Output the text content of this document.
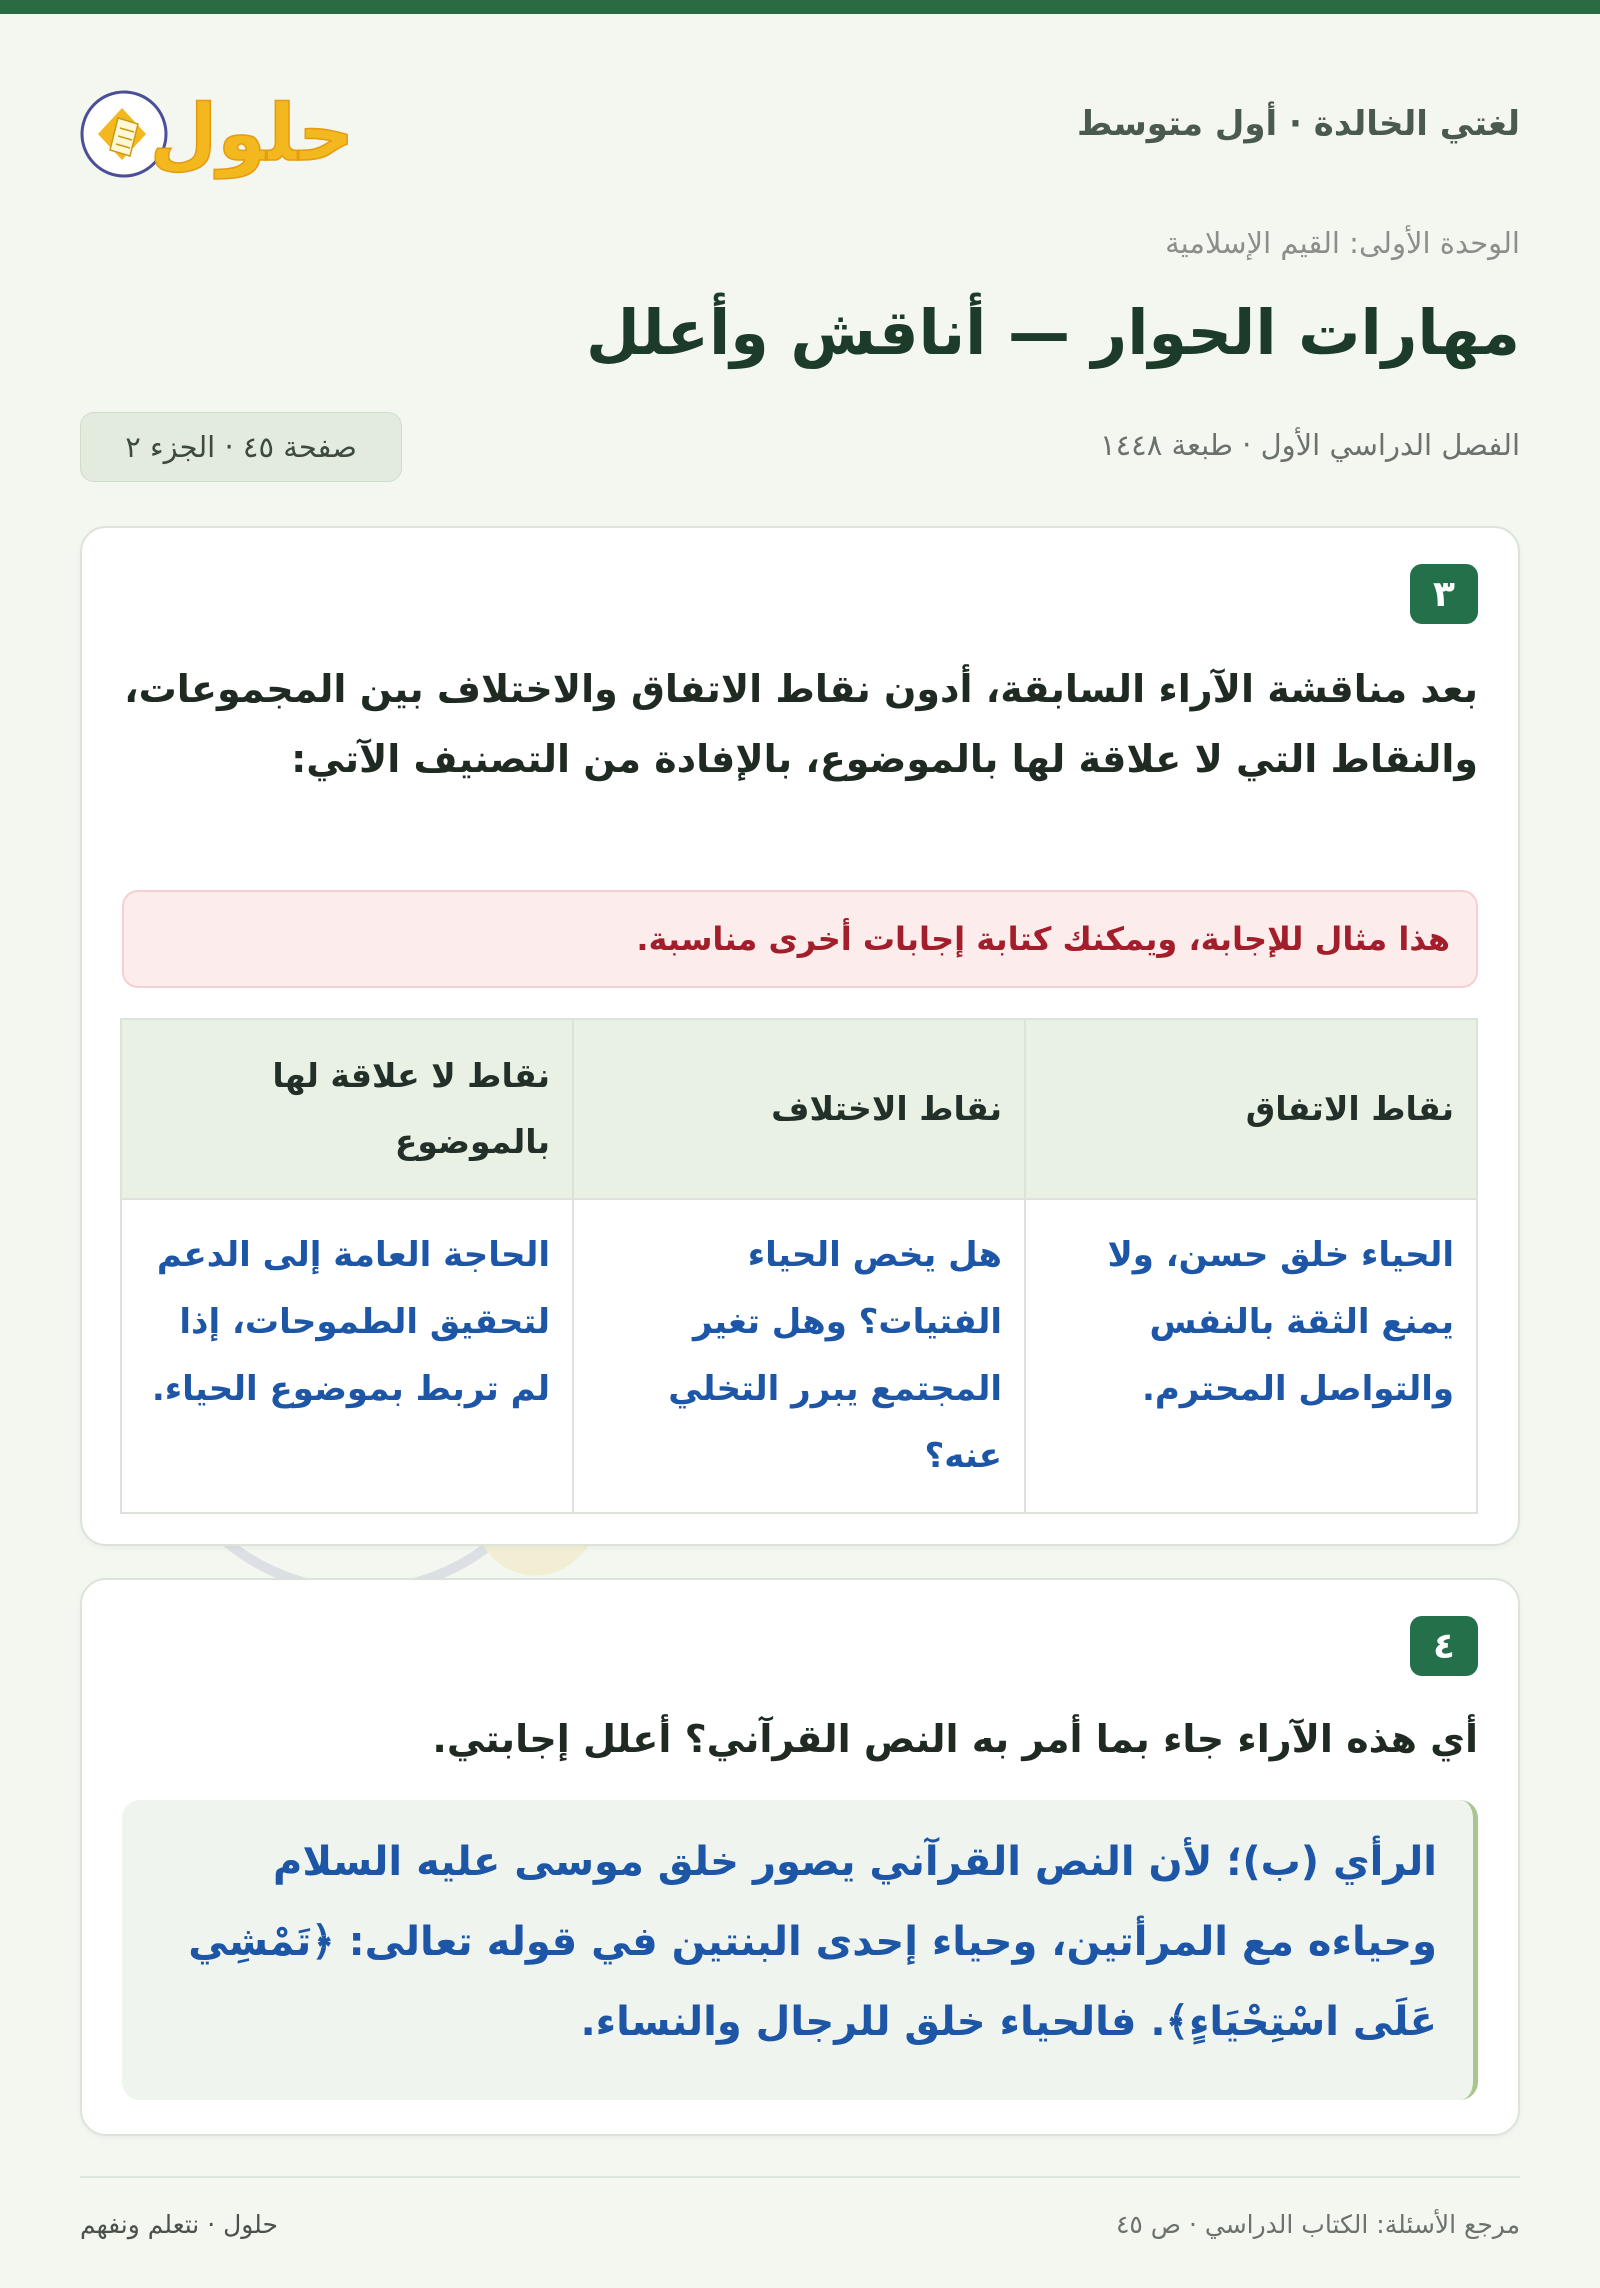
حلول	لغتي الخالدة · أول متوسط
الوحدة الأولى: القيم الإسلامية
مهارات الحوار — أناقش وأعلل
الفصل الدراسي الأول · طبعة ١٤٤٨
صفحة ٤٥ · الجزء ٢
٣
بعد مناقشة الآراء السابقة، أدون نقاط الاتفاق والاختلاف بين المجموعات، والنقاط التي لا علاقة لها بالموضوع، بالإفادة من التصنيف الآتي:
هذا مثال للإجابة، ويمكنك كتابة إجابات أخرى مناسبة.
نقاط الاتفاق	نقاط الاختلاف	نقاط لا علاقة لها بالموضوع
الحياء خلق حسن، ولا يمنع الثقة بالنفس والتواصل المحترم.	هل يخص الحياء الفتيات؟ وهل تغير المجتمع يبرر التخلي عنه؟	الحاجة العامة إلى الدعم لتحقيق الطموحات، إذا لم تربط بموضوع الحياء.
٤
أي هذه الآراء جاء بما أمر به النص القرآني؟ أعلل إجابتي.
الرأي (ب)؛ لأن النص القرآني يصور خلق موسى عليه السلام وحياءه مع المرأتين، وحياء إحدى البنتين في قوله تعالى: ﴿تَمْشِي عَلَى اسْتِحْيَاءٍ﴾. فالحياء خلق للرجال والنساء.
مرجع الأسئلة: الكتاب الدراسي · ص ٤٥
حلول · نتعلم ونفهم
